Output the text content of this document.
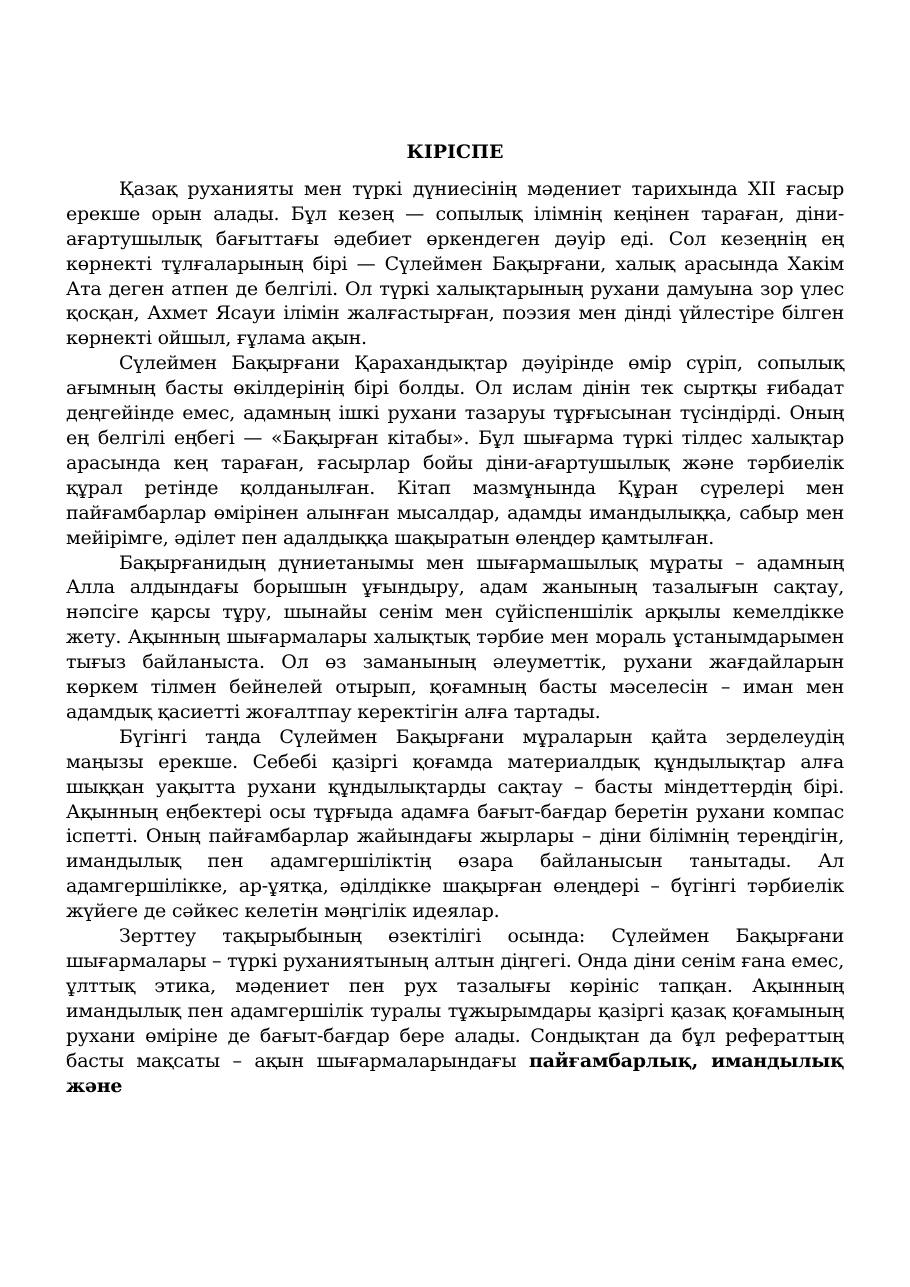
КІРІСПЕ

Қазақ руханияты мен түркі дүниесінің мәдениет тарихында XII ғасыр ерекше орын алады. Бұл кезең — сопылық ілімнің кеңінен тараған, діни-ағартушылық бағыттағы әдебиет өркендеген дәуір еді. Сол кезеңнің ең көрнекті тұлғаларының бірі — Сүлеймен Бақырғани, халық арасында Хакім Ата деген атпен де белгілі. Ол түркі халықтарының рухани дамуына зор үлес қосқан, Ахмет Ясауи ілімін жалғастырған, поэзия мен дінді үйлестіре білген көрнекті ойшыл, ғұлама ақын.

Сүлеймен Бақырғани Қарахандықтар дәуірінде өмір сүріп, сопылық ағымның басты өкілдерінің бірі болды. Ол ислам дінін тек сыртқы ғибадат деңгейінде емес, адамның ішкі рухани тазаруы тұрғысынан түсіндірді. Оның ең белгілі еңбегі — «Бақырған кітабы». Бұл шығарма түркі тілдес халықтар арасында кең тараған, ғасырлар бойы діни-ағартушылық және тәрбиелік құрал ретінде қолданылған. Кітап мазмұнында Құран сүрелері мен пайғамбарлар өмірінен алынған мысалдар, адамды имандылыққа, сабыр мен мейірімге, әділет пен адалдыққа шақыратын өлеңдер қамтылған.

Бақырғанидың дүниетанымы мен шығармашылық мұраты – адамның Алла алдындағы борышын ұғындыру, адам жанының тазалығын сақтау, нәпсіге қарсы тұру, шынайы сенім мен сүйіспеншілік арқылы кемелдікке жету. Ақынның шығармалары халықтық тәрбие мен мораль ұстанымдарымен тығыз байланыста. Ол өз заманының әлеуметтік, рухани жағдайларын көркем тілмен бейнелей отырып, қоғамның басты мәселесін – иман мен адамдық қасиетті жоғалтпау керектігін алға тартады.

Бүгінгі таңда Сүлеймен Бақырғани мұраларын қайта зерделеудің маңызы ерекше. Себебі қазіргі қоғамда материалдық құндылықтар алға шыққан уақытта рухани құндылықтарды сақтау – басты міндеттердің бірі. Ақынның еңбектері осы тұрғыда адамға бағыт-бағдар беретін рухани компас іспетті. Оның пайғамбарлар жайындағы жырлары – діни білімнің тереңдігін, имандылық пен адамгершіліктің өзара байланысын танытады. Ал адамгершілікке, ар-ұятқа, әділдікке шақырған өлеңдері – бүгінгі тәрбиелік жүйеге де сәйкес келетін мәңгілік идеялар.

Зерттеу тақырыбының өзектілігі осында: Сүлеймен Бақырғани шығармалары – түркі руханиятының алтын діңгегі. Онда діни сенім ғана емес, ұлттық этика, мәдениет пен рух тазалығы көрініс тапқан. Ақынның имандылық пен адамгершілік туралы тұжырымдары қазіргі қазақ қоғамының рухани өміріне де бағыт-бағдар бере алады. Сондықтан да бұл рефераттың басты мақсаты – ақын шығармаларындағы пайғамбарлық, имандылық және
